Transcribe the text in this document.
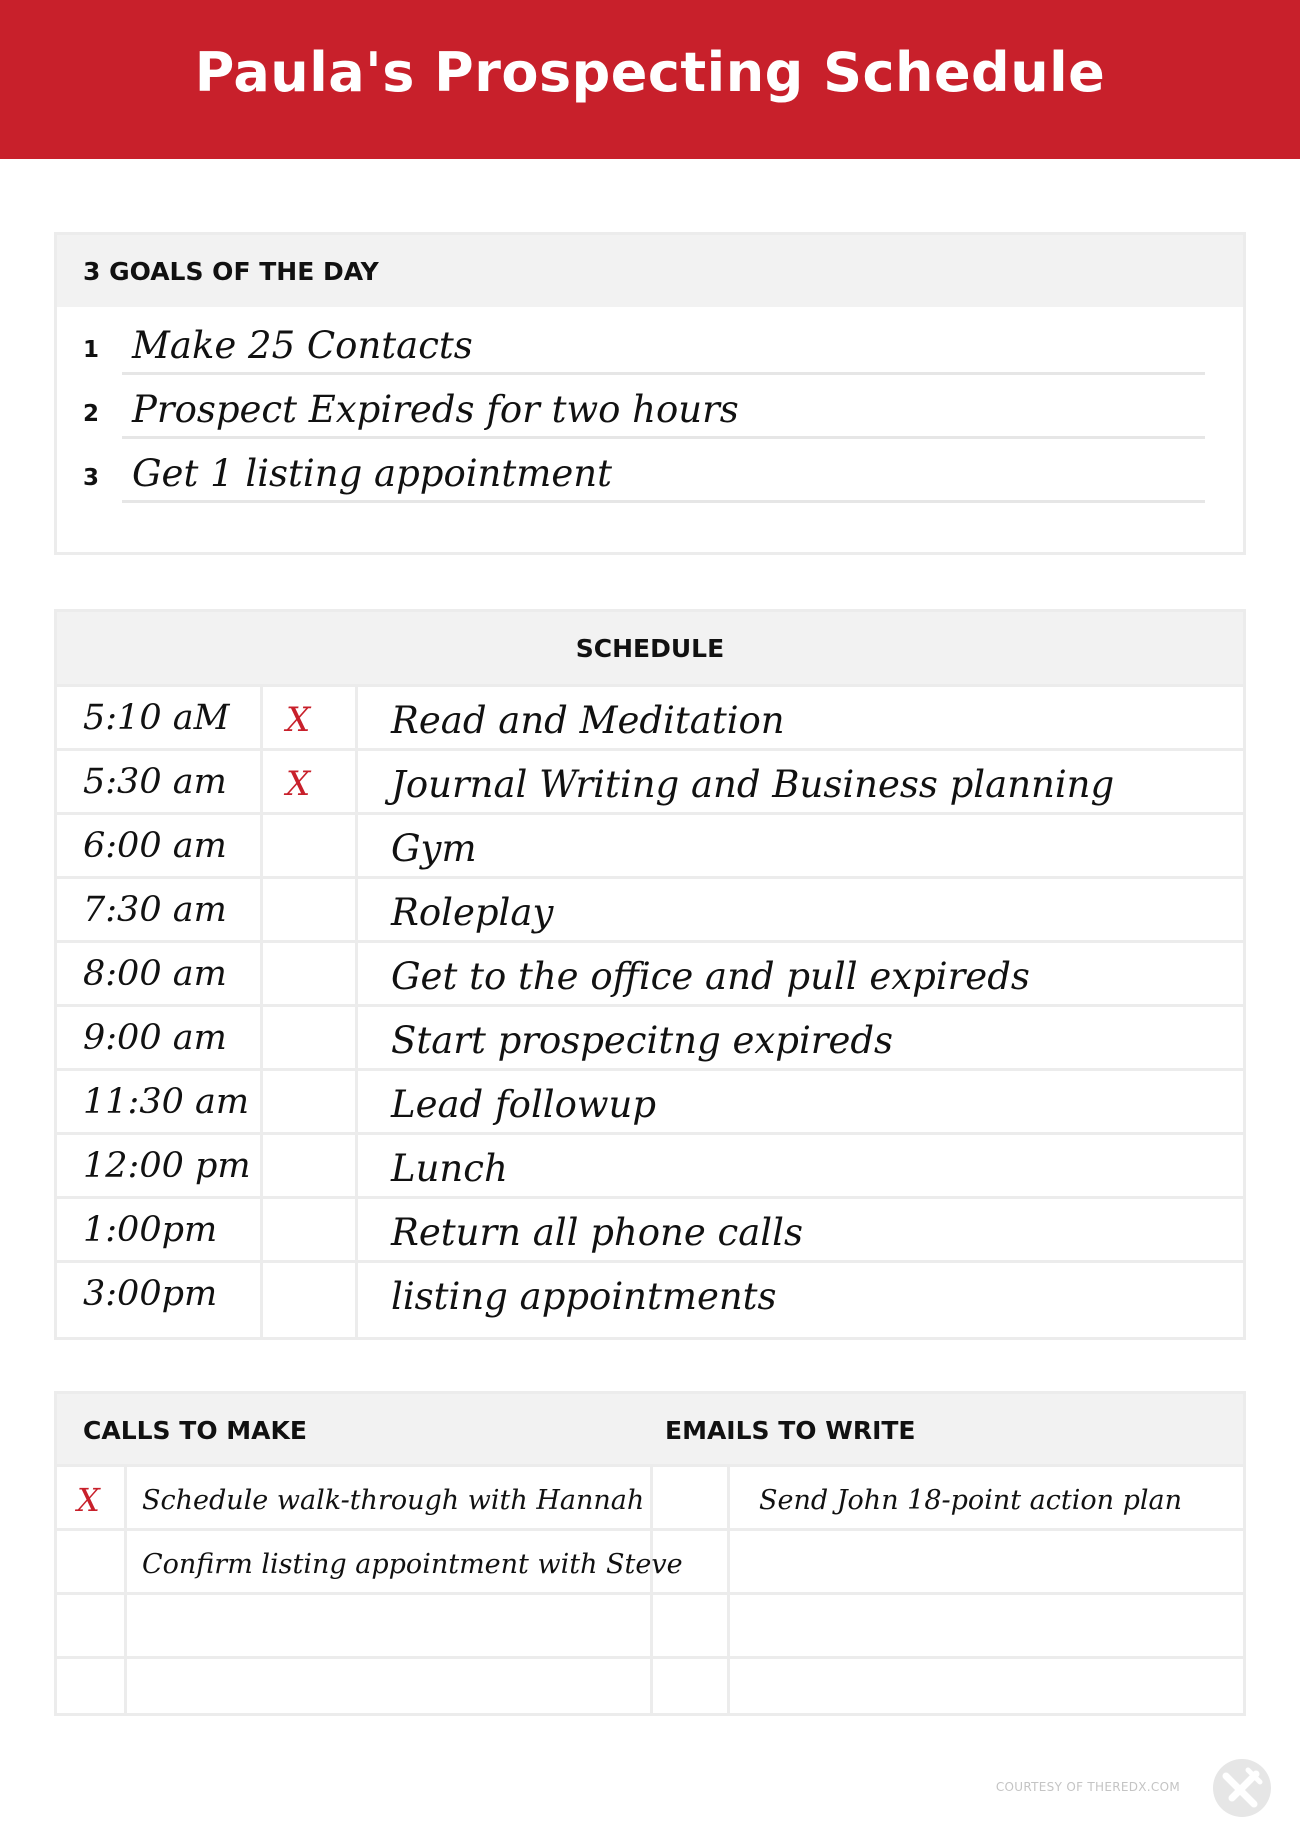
Paula's Prospecting Schedule
3 GOALS OF THE DAY
1 Make 25 Contacts
2 Prospect Expireds for two hours
3 Get 1 listing appointment
SCHEDULE
5:10 aM X Read and Meditation
5:30 am X Journal Writing and Business planning
6:00 am	Gym
7:30 am	Roleplay
8:00 am	Get to the office and pull expireds
9:00 am	Start prospecitng expireds
11:30 am	Lead followup
12:00 pm	Lunch
1:00pm	Return all phone calls
3:00pm	listing appointments
CALLS TO MAKE	EMAILS TO WRITE
X Schedule walk-through with Hannah	Send John 18-point action plan
Confirm listing appointment with Steve
COURTESY OF THEREDX.COM
